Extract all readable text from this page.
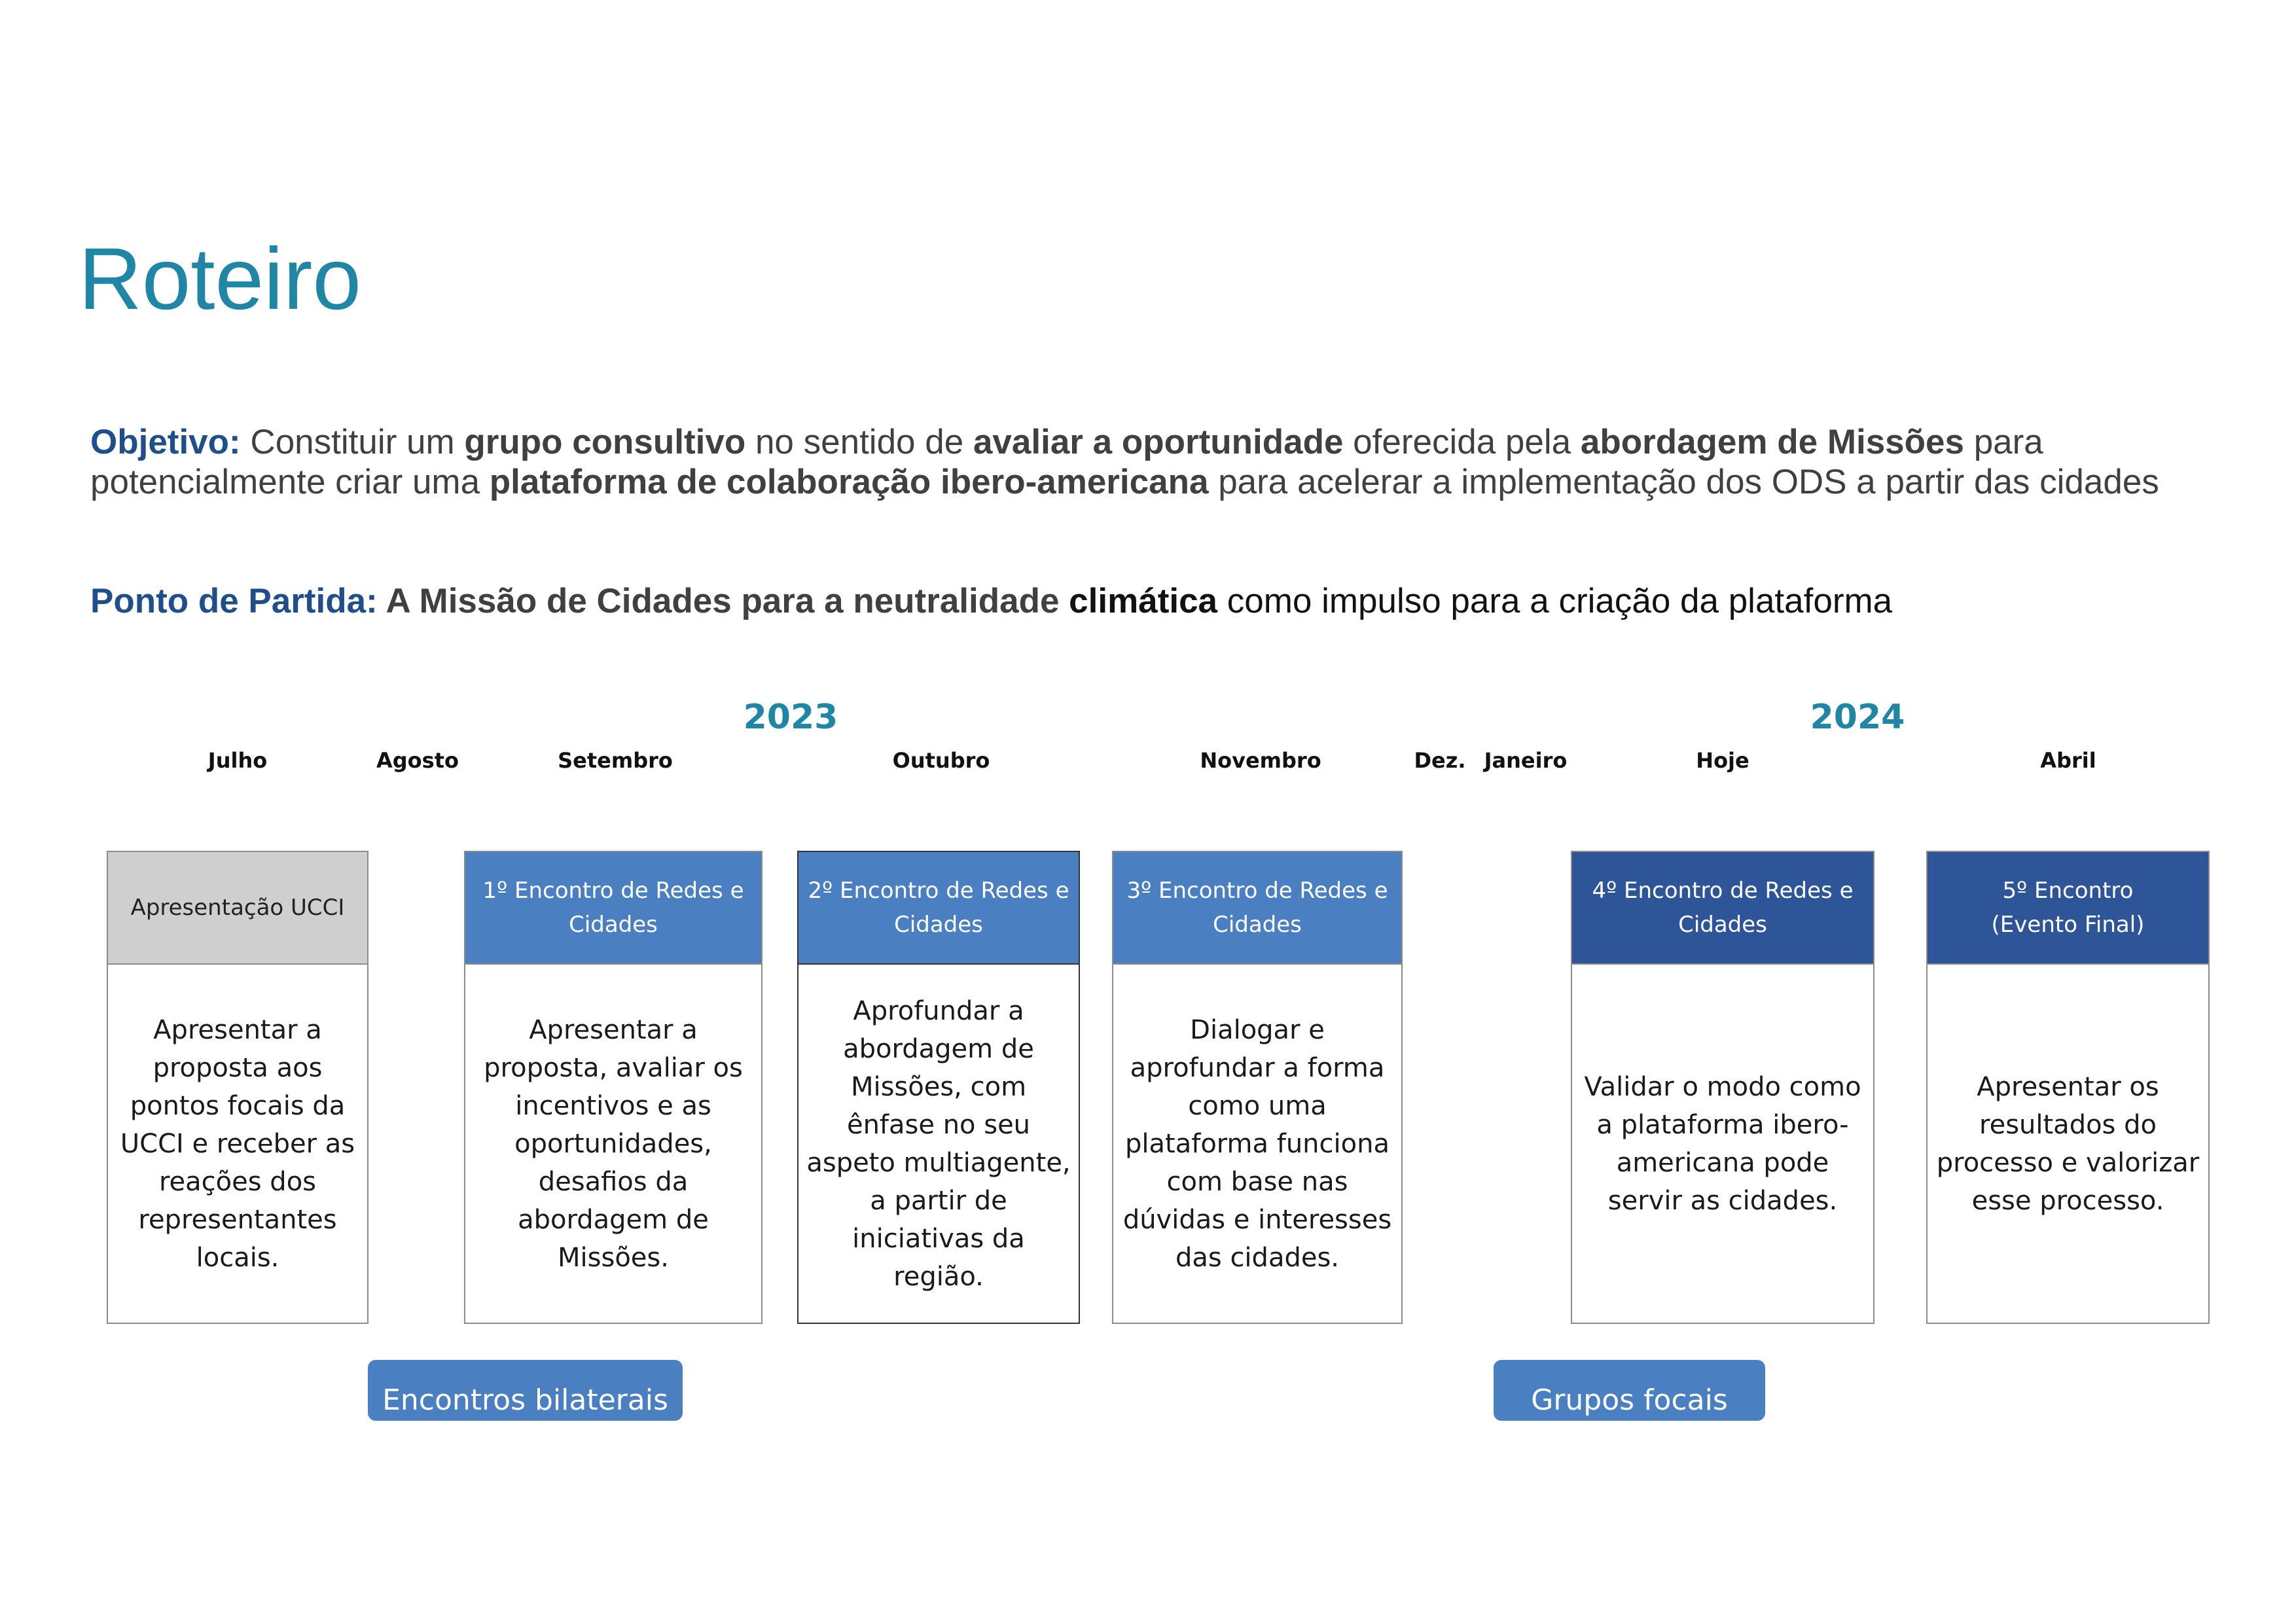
Roteiro
Objetivo: Constituir um grupo consultivo no sentido de avaliar a oportunidade oferecida pela abordagem de Missões para potencialmente criar uma plataforma de colaboração ibero-americana para acelerar a implementação dos ODS a partir das cidades
Ponto de Partida: A Missão de Cidades para a neutralidade climática como impulso para a criação da plataforma
2023	2024
Julho	Agosto	Setembro	Outubro	Novembro	Dez. Janeiro	Hoje	Abril
Apresentação UCCI
Apresentar a proposta aos pontos focais da UCCI e receber as reações dos representantes locais.
1º Encontro de Redes e Cidades
Apresentar a proposta, avaliar os incentivos e as oportunidades, desafios da abordagem de Missões.
2º Encontro de Redes e Cidades
Aprofundar a abordagem de Missões, com ênfase no seu aspeto multiagente, a partir de iniciativas da região.
3º Encontro de Redes e Cidades
Dialogar e aprofundar a forma como uma plataforma funciona com base nas dúvidas e interesses das cidades.
4º Encontro de Redes e Cidades
Validar o modo como a plataforma ibero-americana pode servir as cidades.
5º Encontro
(Evento Final)
Apresentar os resultados do processo e valorizar esse processo.
Encontros bilaterais	Grupos focais
